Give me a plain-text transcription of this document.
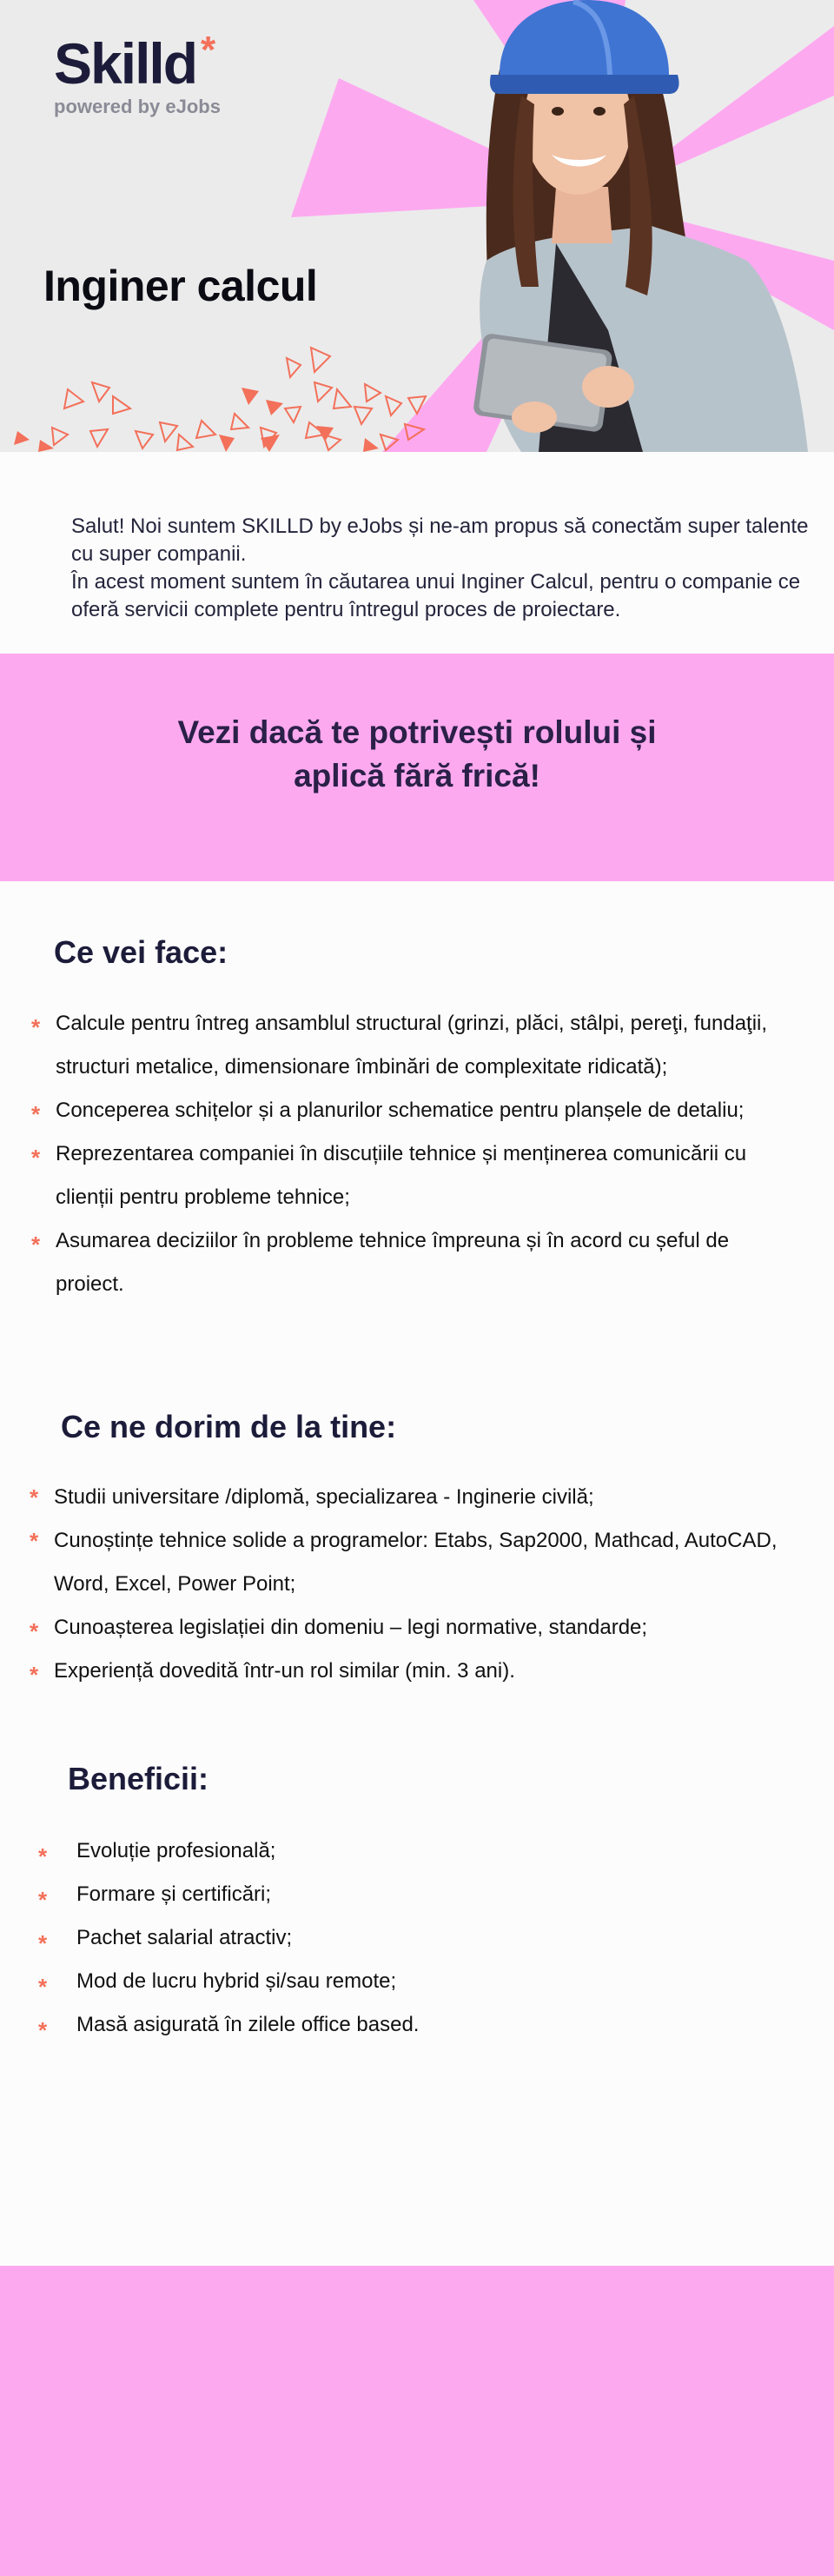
Skilld *
powered by eJobs
Inginer calcul

Salut! Noi suntem SKILLD by eJobs și ne-am propus să conectăm super talente cu super companii.

În acest moment suntem în căutarea unui Inginer Calcul, pentru o companie ce oferă servicii complete pentru întregul proces de proiectare.

Vezi dacă te potrivești rolului și
aplică fără frică!
Ce vei face:
* Calcule pentru întreg ansamblul structural (grinzi, plăci, stâlpi, pereţi, fundaţii,
structuri metalice, dimensionare îmbinări de complexitate ridicată);
* Conceperea schițelor și a planurilor schematice pentru planșele de detaliu;
* Reprezentarea companiei în discuțiile tehnice și menținerea comunicării cu
clienții pentru probleme tehnice;
* Asumarea deciziilor în probleme tehnice împreuna și în acord cu șeful de
proiect.
Ce ne dorim de la tine:
* Studii universitare /diplomă, specializarea - Inginerie civilă;
* Cunoștințe tehnice solide a programelor: Etabs, Sap2000, Mathcad, AutoCAD,
Word, Excel, Power Point;
* Cunoașterea legislației din domeniu – legi normative, standarde;
* Experiență dovedită într-un rol similar (min. 3 ani).
Beneficii:
* Evoluție profesională;
* Formare și certificări;
* Pachet salarial atractiv;
* Mod de lucru hybrid și/sau remote;
* Masă asigurată în zilele office based.
